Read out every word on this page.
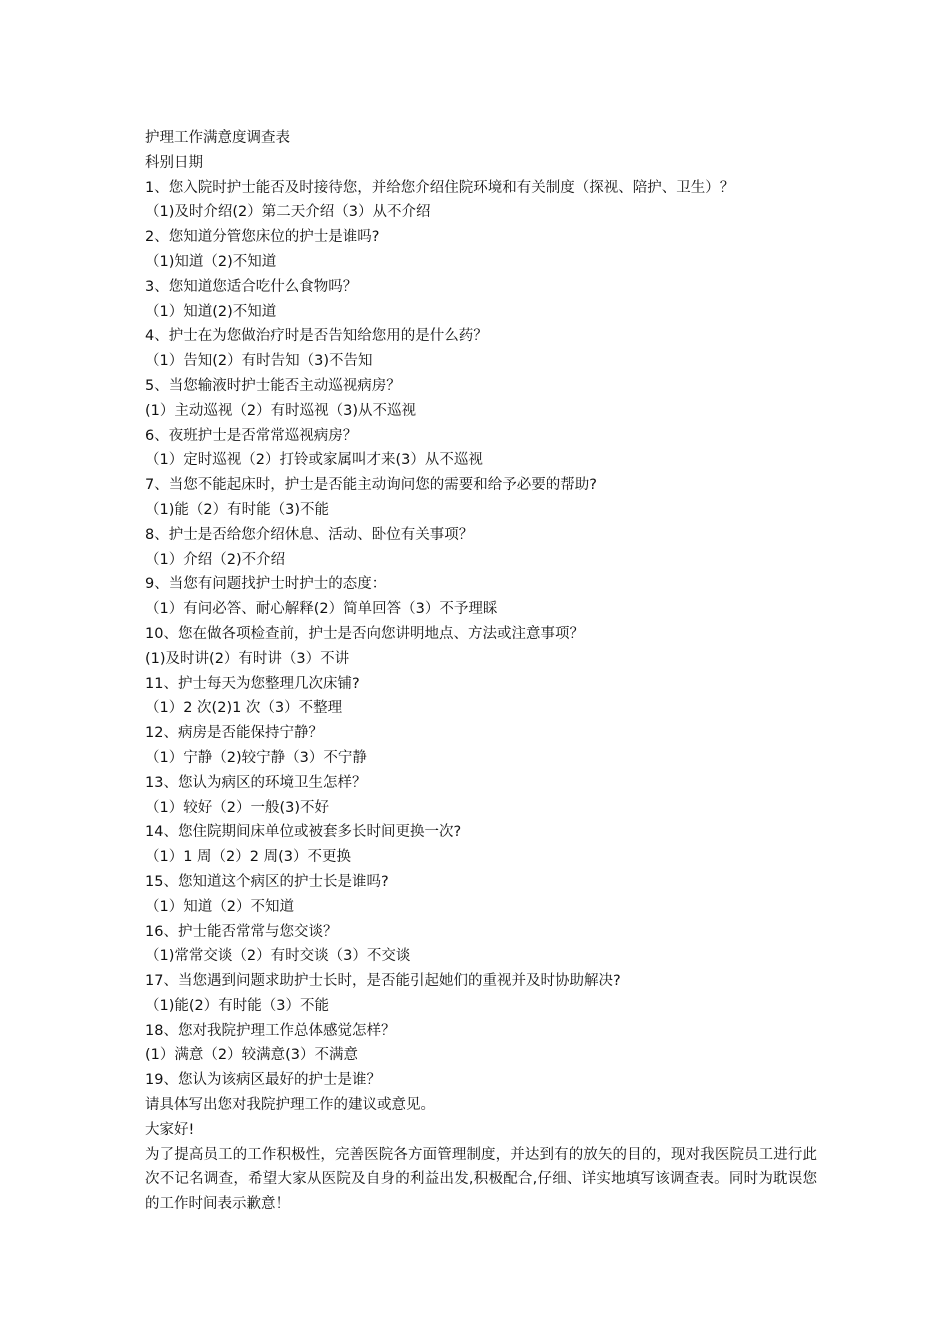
护理工作满意度调查表

科别日期

1、您入院时护士能否及时接待您，并给您介绍住院环境和有关制度（探视、陪护、卫生）？

（1)及时介绍(2）第二天介绍（3）从不介绍

2、您知道分管您床位的护士是谁吗?

（1)知道（2)不知道

3、您知道您适合吃什么食物吗？

（1）知道(2)不知道

4、护士在为您做治疗时是否告知给您用的是什么药？

（1）告知(2）有时告知（3)不告知

5、当您输液时护士能否主动巡视病房？

(1）主动巡视（2）有时巡视（3)从不巡视

6、夜班护士是否常常巡视病房？

（1）定时巡视（2）打铃或家属叫才来(3）从不巡视

7、当您不能起床时，护士是否能主动询问您的需要和给予必要的帮助?

（1)能（2）有时能（3)不能

8、护士是否给您介绍休息、活动、卧位有关事项？

（1）介绍（2)不介绍

9、当您有问题找护士时护士的态度：

（1）有问必答、耐心解释(2）简单回答（3）不予理睬

10、您在做各项检查前，护士是否向您讲明地点、方法或注意事项？

(1)及时讲(2）有时讲（3）不讲

11、护士每天为您整理几次床铺?

（1）2 次(2)1 次（3）不整理

12、病房是否能保持宁静？

（1）宁静（2)较宁静（3）不宁静

13、您认为病区的环境卫生怎样？

（1）较好（2）一般(3)不好

14、您住院期间床单位或被套多长时间更换一次?

（1）1 周（2）2 周(3）不更换

15、您知道这个病区的护士长是谁吗?

（1）知道（2）不知道

16、护士能否常常与您交谈？

（1)常常交谈（2）有时交谈（3）不交谈

17、当您遇到问题求助护士长时，是否能引起她们的重视并及时协助解决?

（1)能(2）有时能（3）不能

18、您对我院护理工作总体感觉怎样？

(1）满意（2）较满意(3）不满意

19、您认为该病区最好的护士是谁？

请具体写出您对我院护理工作的建议或意见。

大家好!

为了提高员工的工作积极性，完善医院各方面管理制度，并达到有的放矢的目的，现对我医院员工进行此次不记名调查，希望大家从医院及自身的利益出发,积极配合,仔细、详实地填写该调查表。同时为耽误您的工作时间表示歉意！
